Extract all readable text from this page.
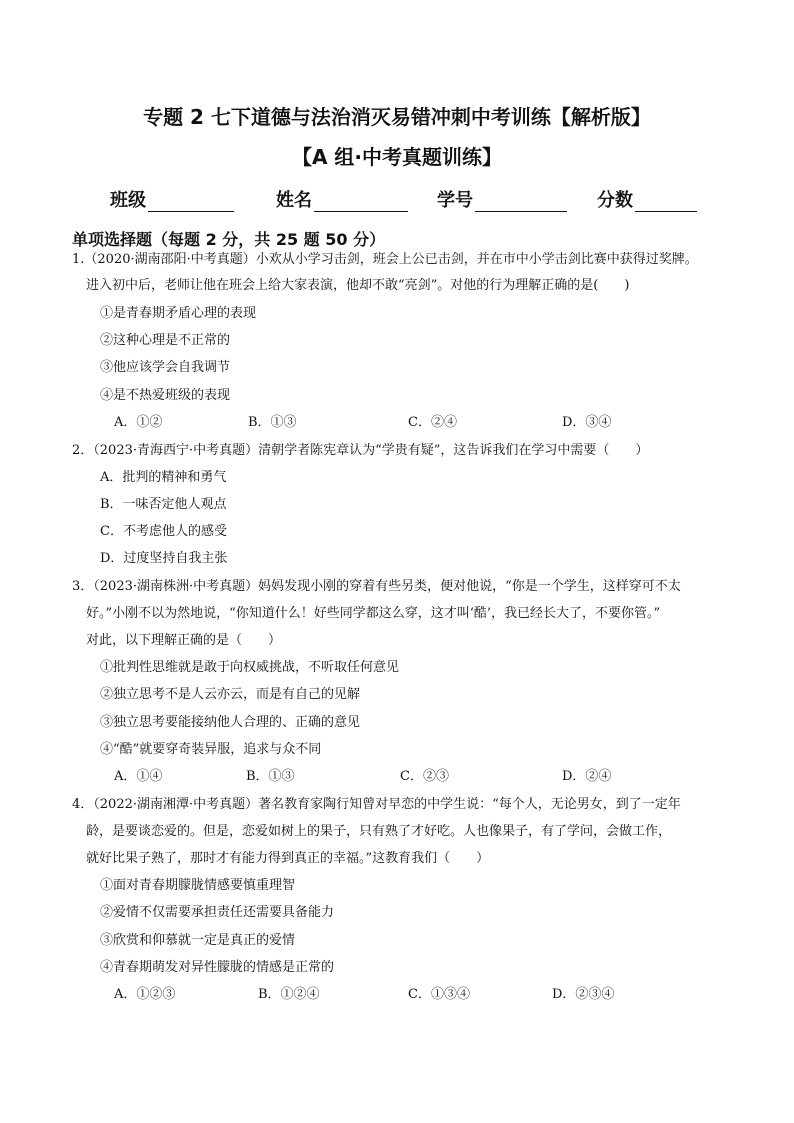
专题 2 七下道德与法治消灭易错冲刺中考训练【解析版】
【A 组·中考真题训练】
班级	姓名	学号	分数
单项选择题（每题 2 分，共 25 题 50 分）
1.（2020·湖南邵阳·中考真题）小欢从小学习击剑，班会上公已击剑，并在市中小学击剑比赛中获得过奖牌。
进入初中后，老师让他在班会上给大家表演，他却不敢“亮剑”。对他的行为理解正确的是(　　)
①是青春期矛盾心理的表现
②这种心理是不正常的
③他应该学会自我调节
④是不热爱班级的表现
A．①②	B．①③	C．②④	D．③④
2．（2023·青海西宁·中考真题）清朝学者陈宪章认为“学贵有疑”，这告诉我们在学习中需要（　　）
A．批判的精神和勇气
B．一味否定他人观点
C．不考虑他人的感受
D．过度坚持自我主张
3．（2023·湖南株洲·中考真题）妈妈发现小刚的穿着有些另类，便对他说，“你是一个学生，这样穿可不太
好。”小刚不以为然地说，“你知道什么！好些同学都这么穿，这才叫‘酷’，我已经长大了，不要你管。”
对此，以下理解正确的是（　　）
①批判性思维就是敢于向权威挑战，不听取任何意见
②独立思考不是人云亦云，而是有自己的见解
③独立思考要能接纳他人合理的、正确的意见
④“酷”就要穿奇装异服，追求与众不同
A．①④	B．①③	C．②③	D．②④
4．（2022·湖南湘潭·中考真题）著名教育家陶行知曾对早恋的中学生说：“每个人，无论男女，到了一定年
龄，是要谈恋爱的。但是，恋爱如树上的果子，只有熟了才好吃。人也像果子，有了学问，会做工作，
就好比果子熟了，那时才有能力得到真正的幸福。”这教育我们（　　）
①面对青春期朦胧情感要慎重理智
②爱情不仅需要承担责任还需要具备能力
③欣赏和仰慕就一定是真正的爱情
④青春期萌发对异性朦胧的情感是正常的
A．①②③	B．①②④	C．①③④	D．②③④
